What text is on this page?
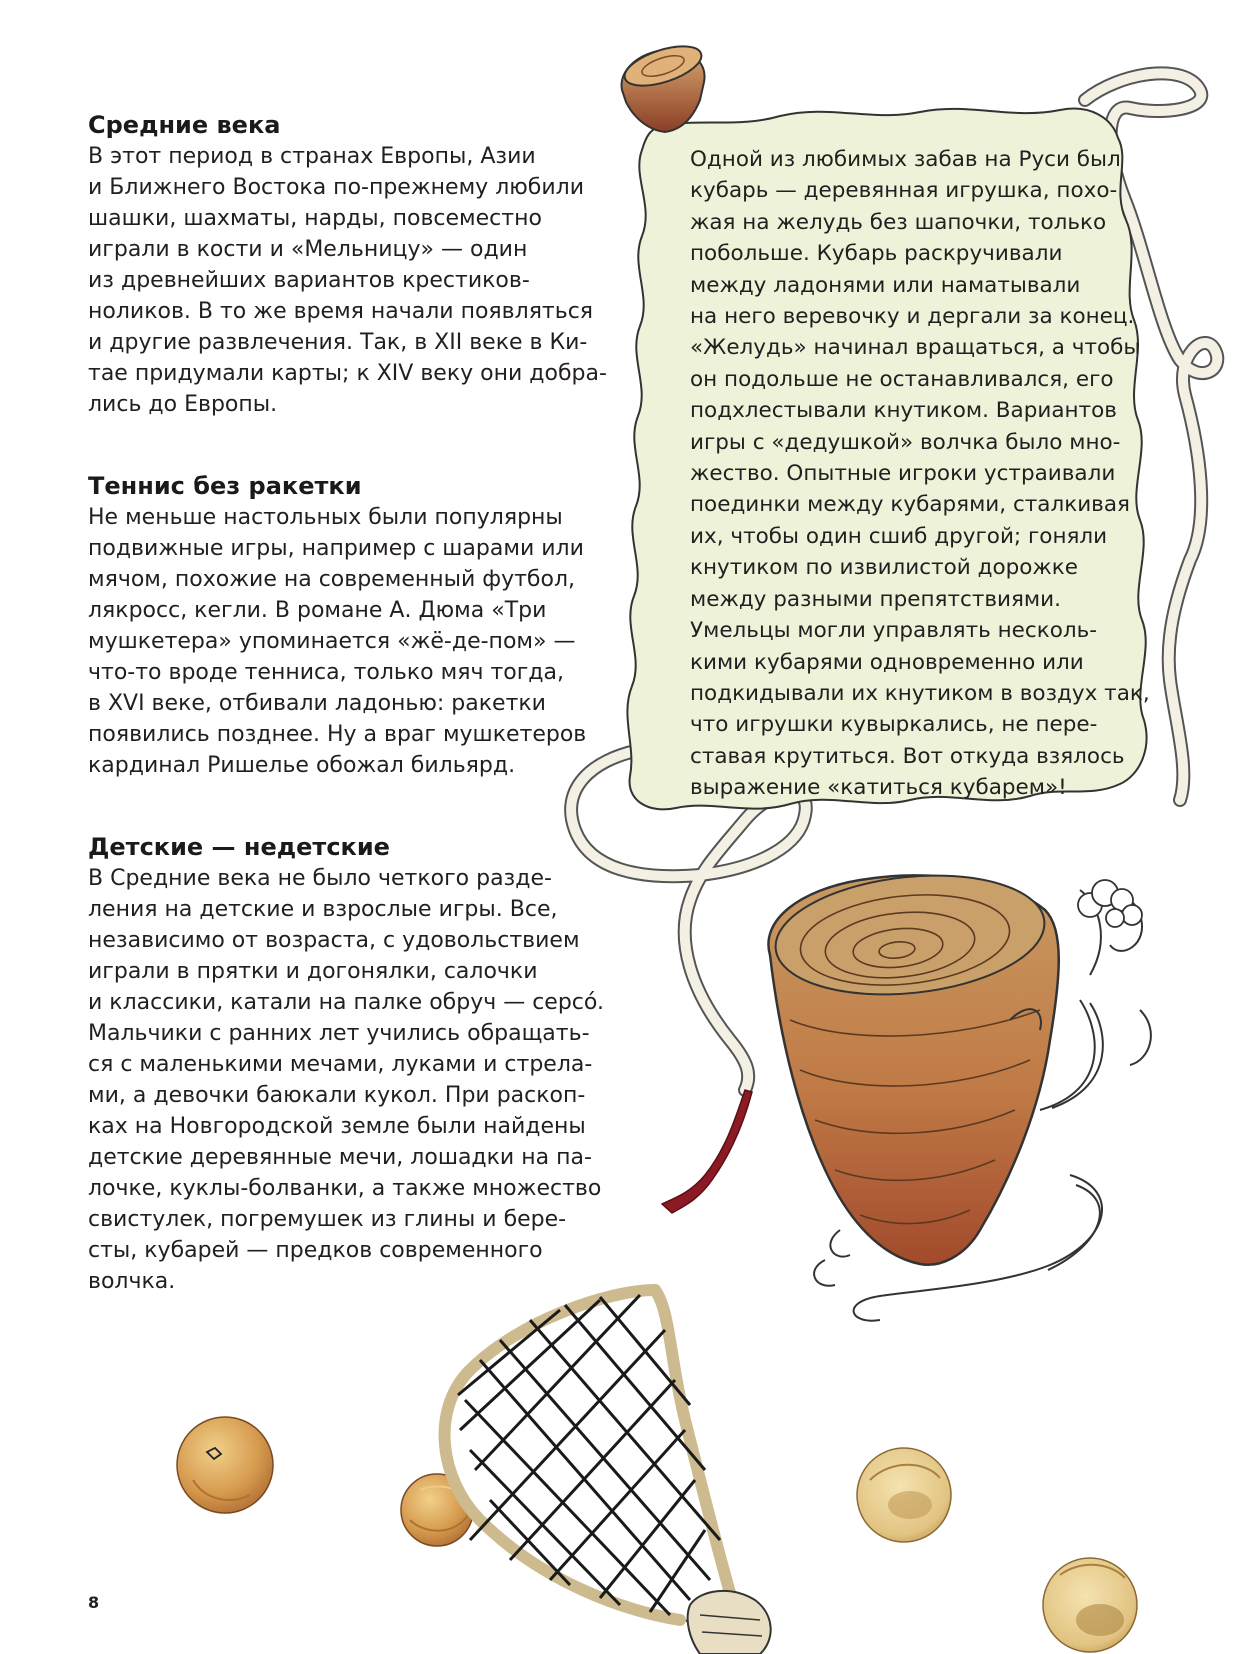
Средние века
В этот период в странах Европы, Азии
и Ближнего Востока по-прежнему любили
шашки, шахматы, нарды, повсеместно
играли в кости и «Мельницу» — один
из древнейших вариантов крестиков-
ноликов. В то же время начали появляться
и другие развлечения. Так, в XII веке в Ки-
тае придумали карты; к XIV веку они добра-
лись до Европы.
Теннис без ракетки
Не меньше настольных были популярны
подвижные игры, например с шарами или
мячом, похожие на современный футбол,
лякросс, кегли. В романе А. Дюма «Три
мушкетера» упоминается «жё-де-пом» —
что-то вроде тенниса, только мяч тогда,
в XVI веке, отбивали ладонью: ракетки
появились позднее. Ну а враг мушкетеров
кардинал Ришелье обожал бильярд.
Детские — недетские
В Средние века не было четкого разде-
ления на детские и взрослые игры. Все,
независимо от возраста, с удовольствием
играли в прятки и догонялки, салочки
и классики, катали на палке обруч — серсó.
Мальчики с ранних лет учились обращать-
ся с маленькими мечами, луками и стрела-
ми, а девочки баюкали кукол. При раскоп-
ках на Новгородской земле были найдены
детские деревянные мечи, лошадки на па-
лочке, куклы-болванки, а также множество
свистулек, погремушек из глины и бере-
сты, кубарей — предков современного
волчка.
Одной из любимых забав на Руси был
кубарь — деревянная игрушка, похо-
жая на желудь без шапочки, только
побольше. Кубарь раскручивали
между ладонями или наматывали
на него веревочку и дергали за конец.
«Желудь» начинал вращаться, а чтобы
он подольше не останавливался, его
подхлестывали кнутиком. Вариантов
игры с «дедушкой» волчка было мно-
жество. Опытные игроки устраивали
поединки между кубарями, сталкивая
их, чтобы один сшиб другой; гоняли
кнутиком по извилистой дорожке
между разными препятствиями.
Умельцы могли управлять несколь-
кими кубарями одновременно или
подкидывали их кнутиком в воздух так,
что игрушки кувыркались, не пере-
ставая крутиться. Вот откуда взялось
выражение «катиться кубарем»!
8
